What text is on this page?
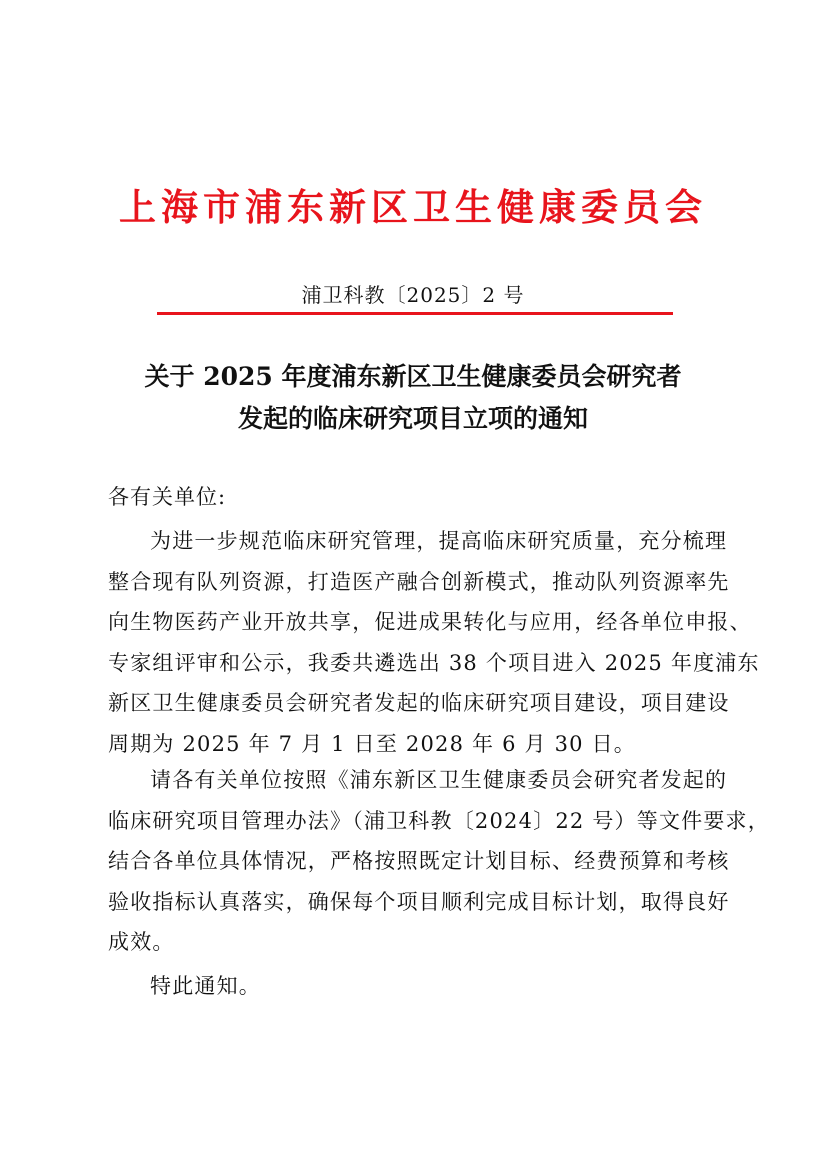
上海市浦东新区卫生健康委员会
浦卫科教〔2025〕2 号
关于 2025 年度浦东新区卫生健康委员会研究者
发起的临床研究项目立项的通知
各有关单位:
为进一步规范临床研究管理，提高临床研究质量，充分梳理
整合现有队列资源，打造医产融合创新模式，推动队列资源率先
向生物医药产业开放共享，促进成果转化与应用，经各单位申报、
专家组评审和公示，我委共遴选出 38 个项目进入 2025 年度浦东
新区卫生健康委员会研究者发起的临床研究项目建设，项目建设
周期为 2025 年 7 月 1 日至 2028 年 6 月 30 日。
请各有关单位按照《浦东新区卫生健康委员会研究者发起的
临床研究项目管理办法》（浦卫科教〔2024〕22 号）等文件要求，
结合各单位具体情况，严格按照既定计划目标、经费预算和考核
验收指标认真落实，确保每个项目顺利完成目标计划，取得良好
成效。
特此通知。
